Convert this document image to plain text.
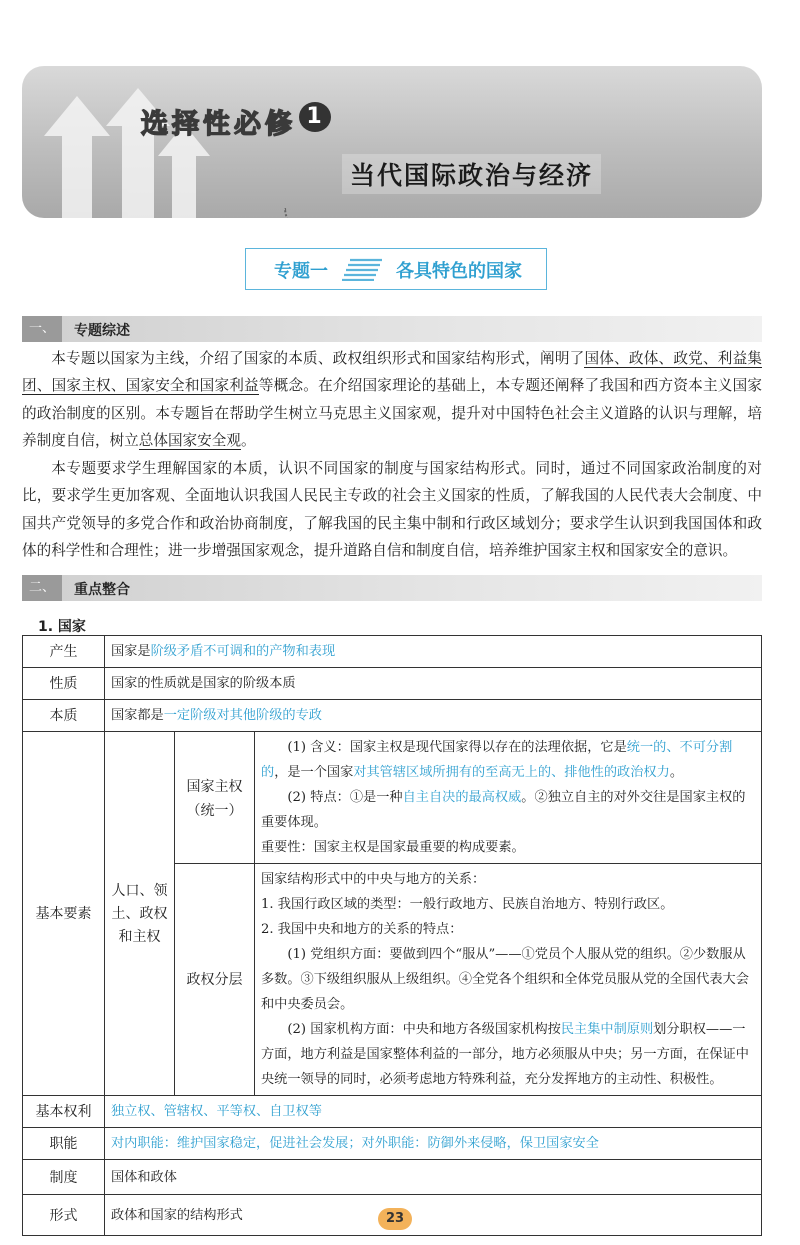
选 择 性 必 修 1
当代国际政治与经济
专题一	各具特色的国家
一、	专题综述
本专题以国家为主线，介绍了国家的本质、政权组织形式和国家结构形式，阐明了国体、政体、政党、利益集团、国家主权、国家安全和国家利益等概念。在介绍国家理论的基础上，本专题还阐释了我国和西方资本主义国家的政治制度的区别。本专题旨在帮助学生树立马克思主义国家观，提升对中国特色社会主义道路的认识与理解，培养制度自信，树立总体国家安全观。
本专题要求学生理解国家的本质，认识不同国家的制度与国家结构形式。同时，通过不同国家政治制度的对比，要求学生更加客观、全面地认识我国人民民主专政的社会主义国家的性质，了解我国的人民代表大会制度、中国共产党领导的多党合作和政治协商制度，了解我国的民主集中制和行政区域划分；要求学生认识到我国国体和政体的科学性和合理性；进一步增强国家观念，提升道路自信和制度自信，培养维护国家主权和国家安全的意识。
二、	重点整合
1. 国家
产生	国家是阶级矛盾不可调和的产物和表现		
性质	国家的性质就是国家的阶级本质		
本质	国家都是一定阶级对其他阶级的专政		
基本要素	人口、领土、政权和主权	国家主权（统一）	(1) 含义：国家主权是现代国家得以存在的法理依据，它是统一的、不可分割的，是一个国家对其管辖区域所拥有的至高无上的、排他性的政治权力。
(2) 特点：①是一种自主自决的最高权威。②独立自主的对外交往是国家主权的重要体现。
重要性：国家主权是国家最重要的构成要素。
		政权分层	国家结构形式中的中央与地方的关系：
1. 我国行政区域的类型：一般行政地方、民族自治地方、特别行政区。
2. 我国中央和地方的关系的特点：
(1) 党组织方面：要做到四个“服从”——①党员个人服从党的组织。②少数服从多数。③下级组织服从上级组织。④全党各个组织和全体党员服从党的全国代表大会和中央委员会。
(2) 国家机构方面：中央和地方各级国家机构按民主集中制原则划分职权——一方面，地方利益是国家整体利益的一部分，地方必须服从中央；另一方面，在保证中央统一领导的同时，必须考虑地方特殊利益，充分发挥地方的主动性、积极性。

基本权利	独立权、管辖权、平等权、自卫权等		
职能	对内职能：维护国家稳定，促进社会发展；对外职能：防御外来侵略，保卫国家安全		
制度	国体和政体		
形式	政体和国家的结构形式			23
